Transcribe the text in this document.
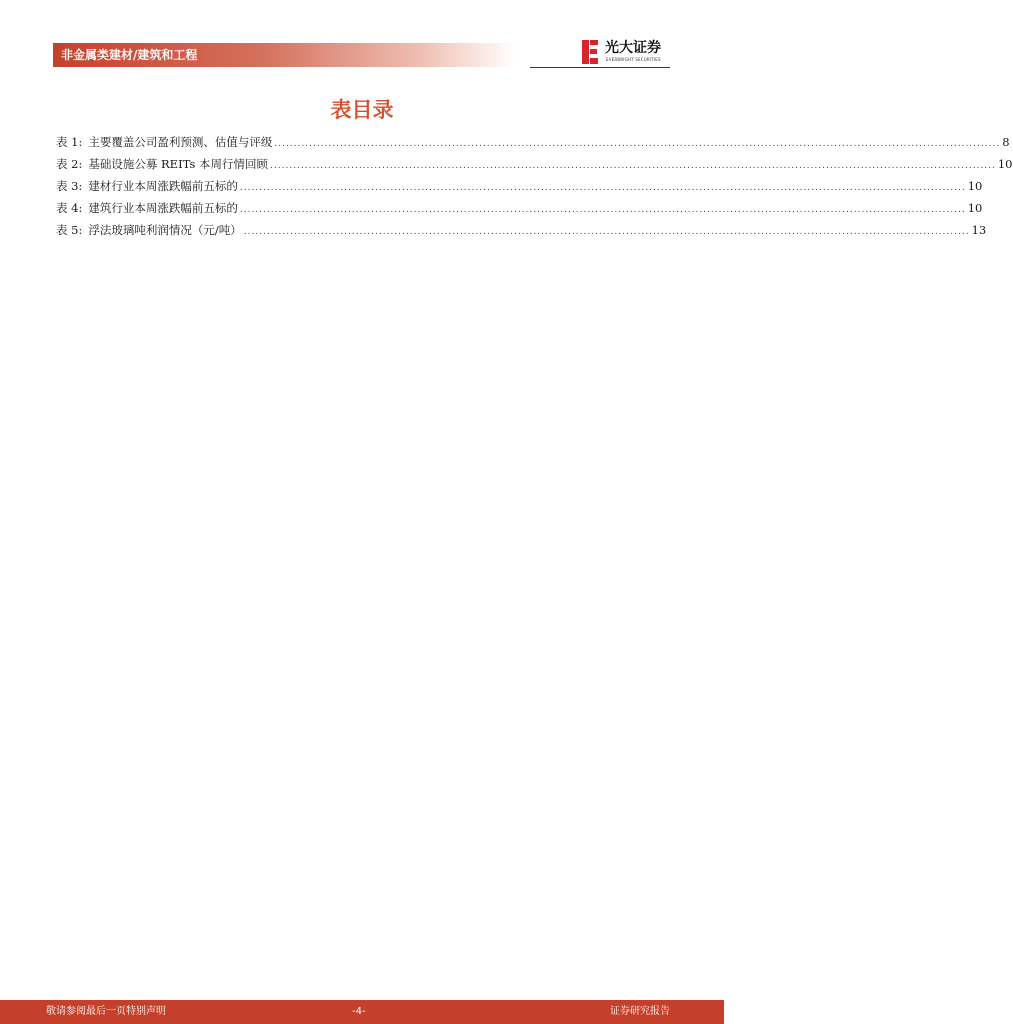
非金属类建材/建筑和工程	光大证券
EVERBRIGHT SECURITIES
表目录
表 1: 主要覆盖公司盈利预测、估值与评级 ............................................................................................................................................................................................ 8
表 2: 基础设施公募 REITs 本周行情回顾 ............................................................................................................................................................................................ 10
表 3: 建材行业本周涨跌幅前五标的 ............................................................................................................................................................................................ 10
表 4: 建筑行业本周涨跌幅前五标的 ............................................................................................................................................................................................ 10
表 5: 浮法玻璃吨利润情况（元/吨） ............................................................................................................................................................................................ 13
敬请参阅最后一页特别声明	-4-	证券研究报告
